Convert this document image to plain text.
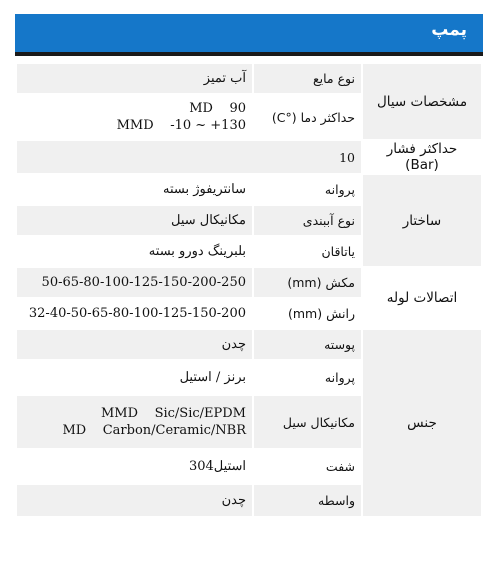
پمپ
مشخصات سیال	نوع مایع	آب تمیز
	حداکثر دما (°C)	MD    90
MMD    -10 ~ +130

حداکثر فشار (Bar)	10	
ساختار	پروانه	سانتریفوژ بسته
	نوع آببندی	مکانیکال سیل
	یاتاقان	بلبرینگ دورو بسته
اتصالات لوله	مکش (mm)	50-65-80-100-125-150-200-250
	رانش (mm)	32-40-50-65-80-100-125-150-200
جنس	پوسته	چدن
	پروانه	برنز / استیل
	مکانیکال سیل	MMD    Sic/Sic/EPDM
MD    Carbon/Ceramic/NBR

	شفت	استیل304
	واسطه	چدن
